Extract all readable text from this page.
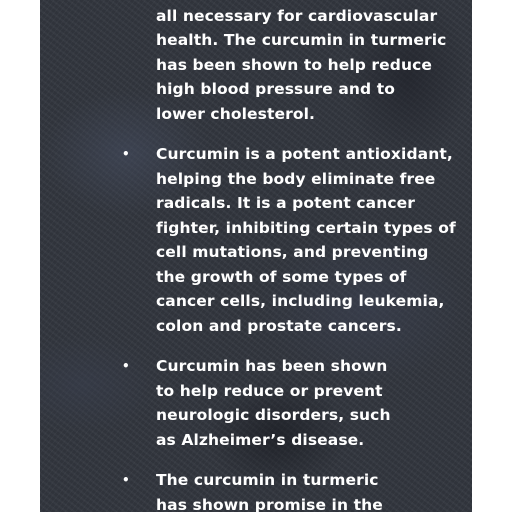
all necessary for cardiovascular
health. The curcumin in turmeric
has been shown to help reduce
high blood pressure and to
lower cholesterol.
• Curcumin is a potent antioxidant,
helping the body eliminate free
radicals. It is a potent cancer
fighter, inhibiting certain types of
cell mutations, and preventing
the growth of some types of
cancer cells, including leukemia,
colon and prostate cancers.
• Curcumin has been shown
to help reduce or prevent
neurologic disorders, such
as Alzheimer’s disease.
• The curcumin in turmeric
has shown promise in the
